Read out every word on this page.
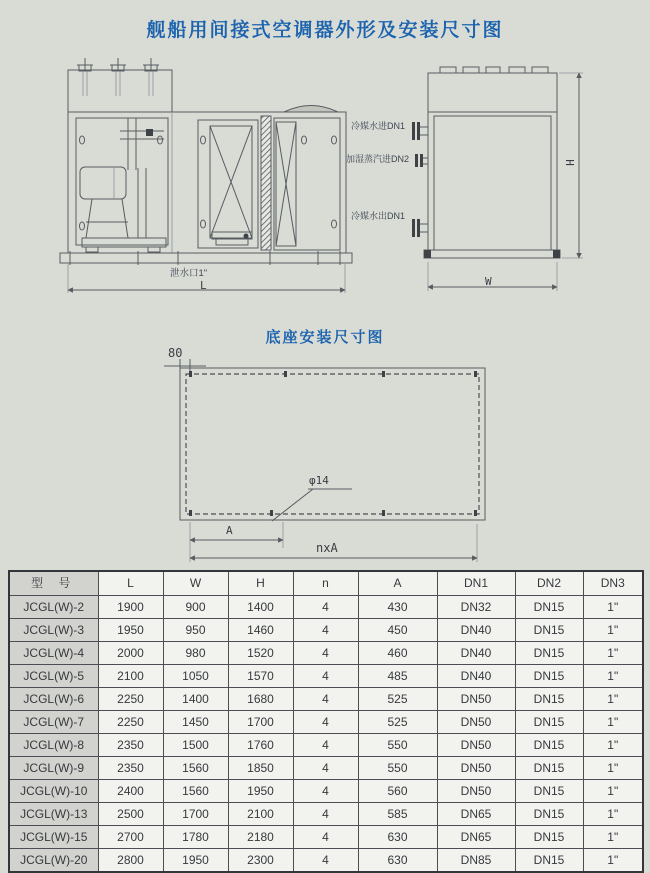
舰船用间接式空调器外形及安装尺寸图
底座安装尺寸图
泄水口1"
L
冷媒水进DN1
加湿蒸汽进DN2
冷媒水出DN1
H
W
80
φ14
A
nxA
型 号	L	W	H	n	A	DN1	DN2	DN3
JCGL(W)-2	1900	900	1400	4	430	DN32	DN15	1"
JCGL(W)-3	1950	950	1460	4	450	DN40	DN15	1"
JCGL(W)-4	2000	980	1520	4	460	DN40	DN15	1"
JCGL(W)-5	2100	1050	1570	4	485	DN40	DN15	1"
JCGL(W)-6	2250	1400	1680	4	525	DN50	DN15	1"
JCGL(W)-7	2250	1450	1700	4	525	DN50	DN15	1"
JCGL(W)-8	2350	1500	1760	4	550	DN50	DN15	1"
JCGL(W)-9	2350	1560	1850	4	550	DN50	DN15	1"
JCGL(W)-10	2400	1560	1950	4	560	DN50	DN15	1"
JCGL(W)-13	2500	1700	2100	4	585	DN65	DN15	1"
JCGL(W)-15	2700	1780	2180	4	630	DN65	DN15	1"
JCGL(W)-20	2800	1950	2300	4	630	DN85	DN15	1"
